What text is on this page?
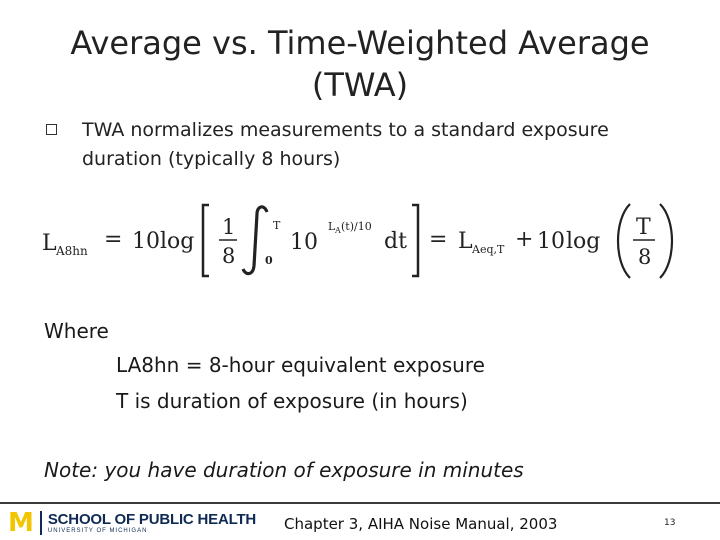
Average vs. Time-Weighted Average
(TWA)
TWA normalizes measurements to a standard exposure duration (typically 8 hours)
L A8hn = 10 log
1
8
T
0
10
L A (t)/10
dt = L Aeq,T + 10 log
T
8
Where
LA8hn = 8-hour equivalent exposure
T is duration of exposure (in hours)
Note: you have duration of exposure in minutes
M SCHOOL OF PUBLIC HEALTH
UNIVERSITY OF MICHIGAN	Chapter 3, AIHA Noise Manual, 2003	13
